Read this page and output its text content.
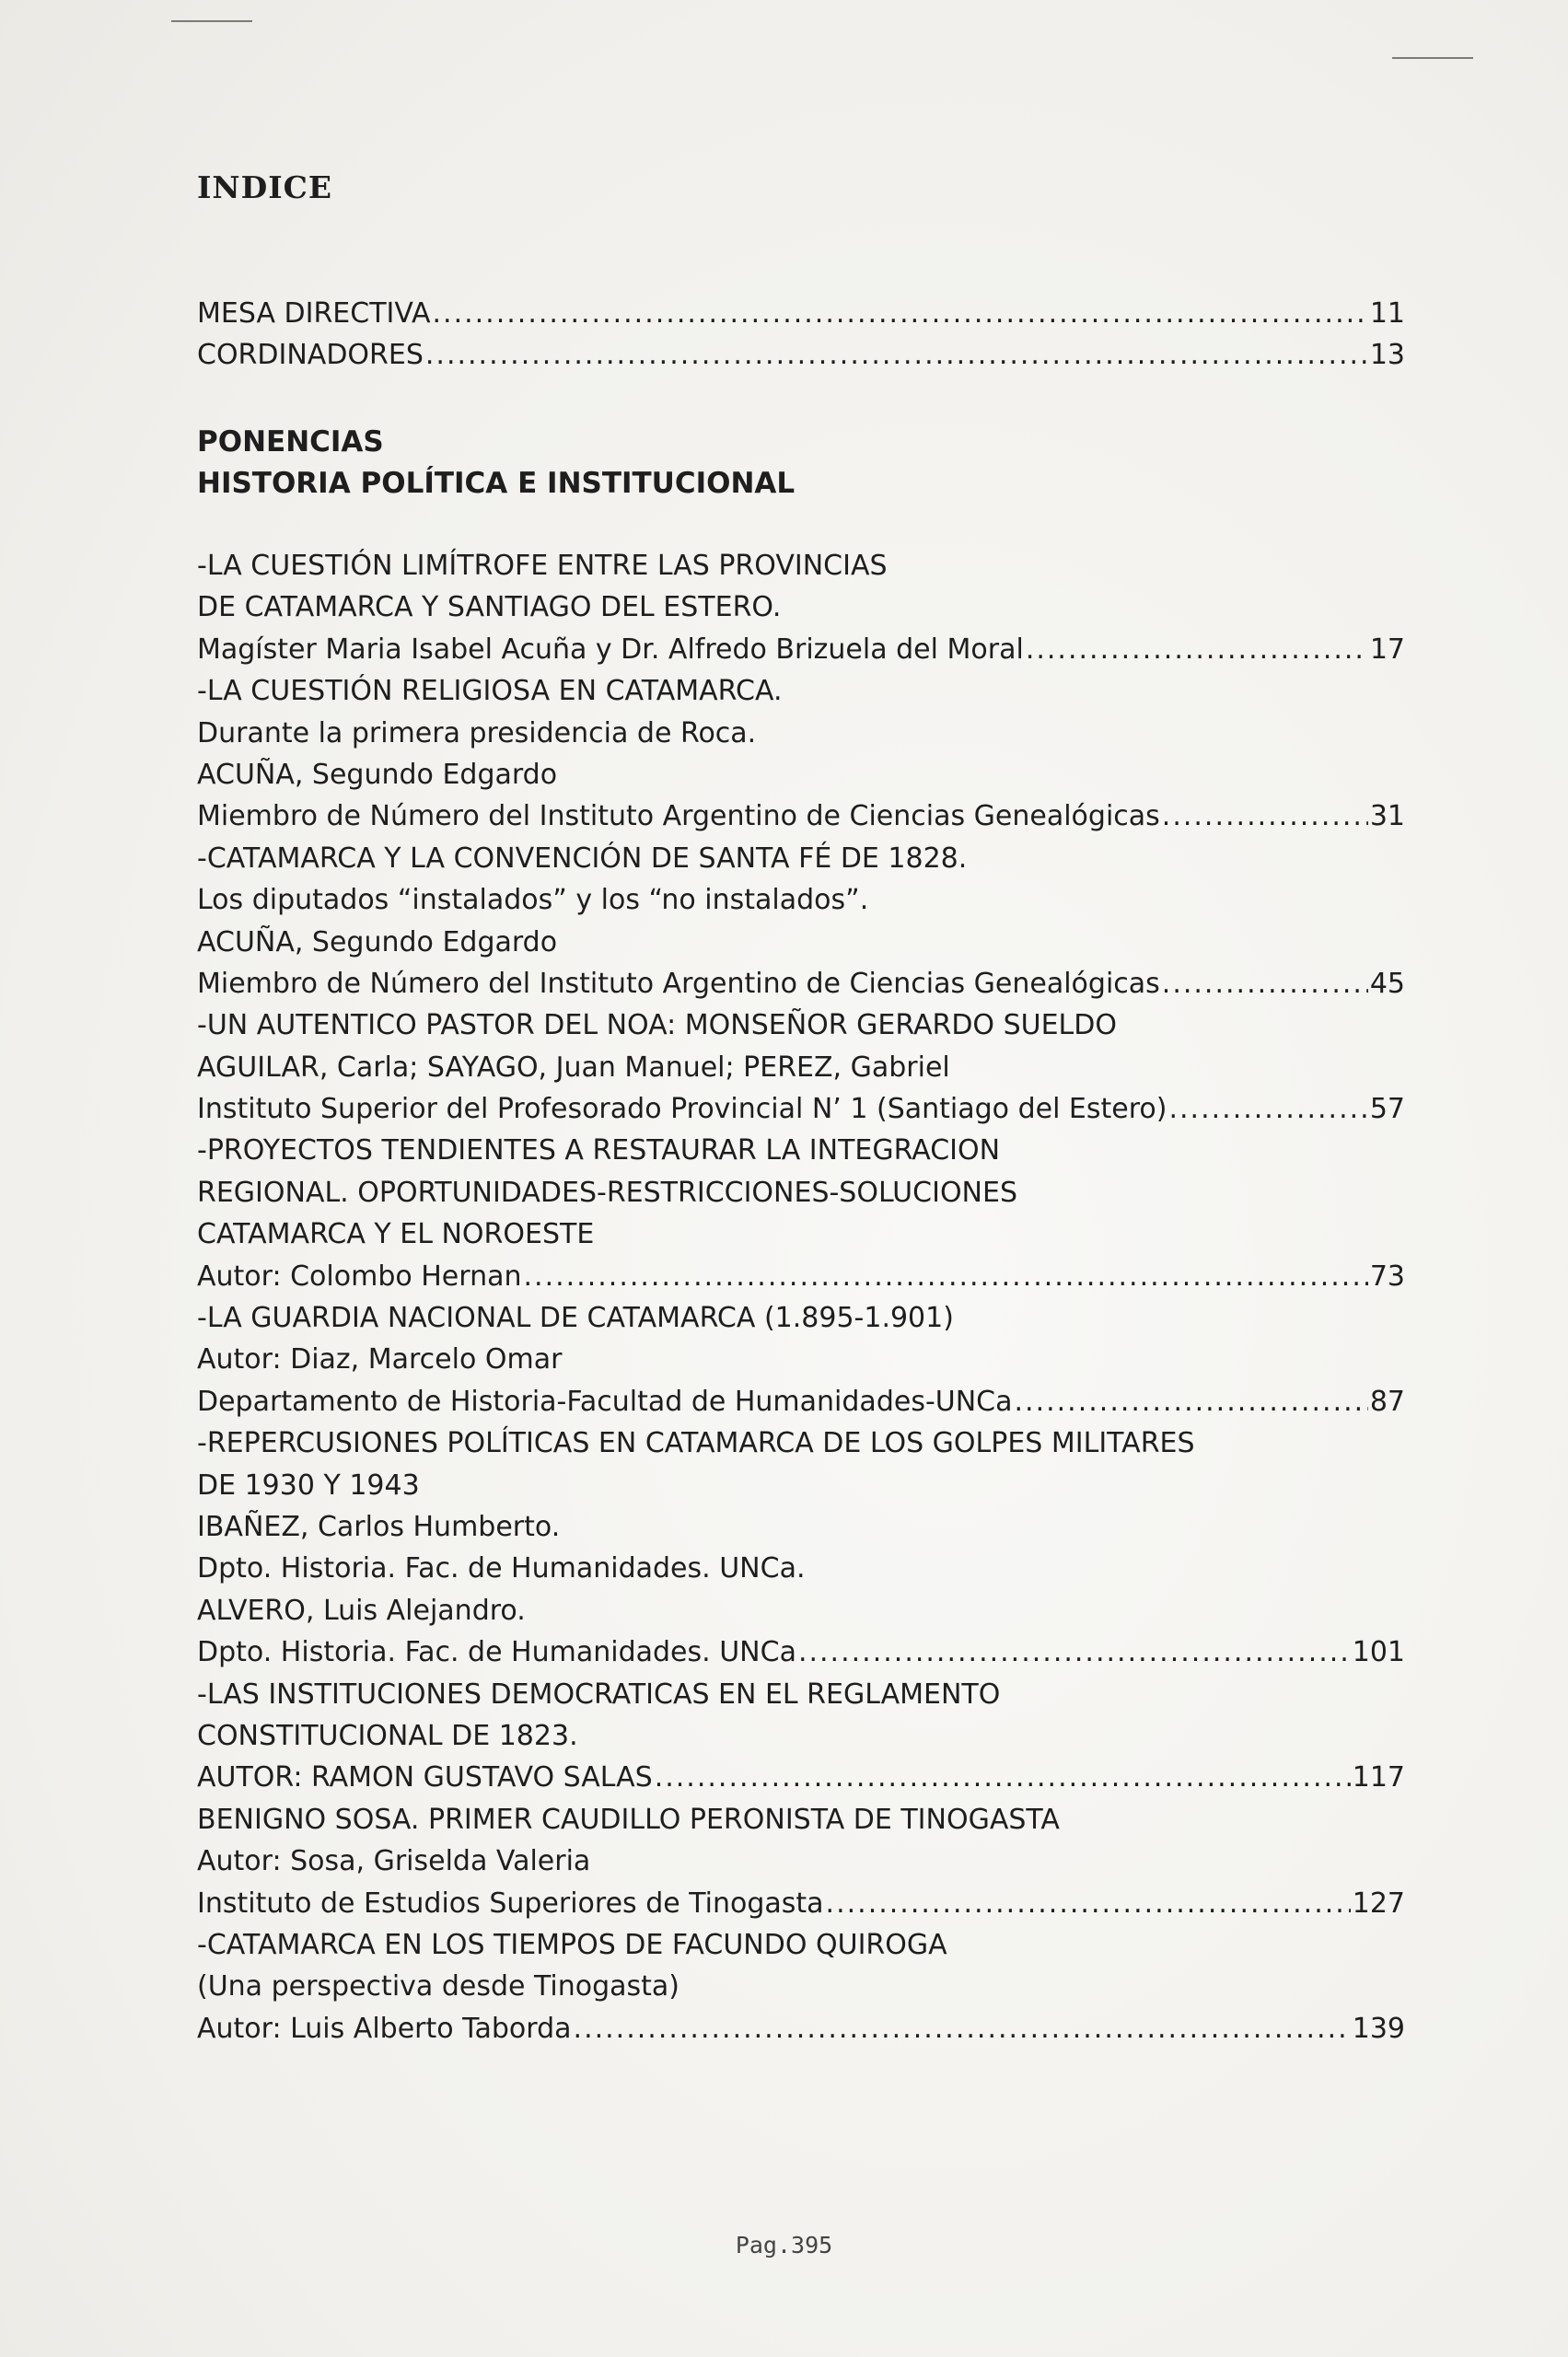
INDICE
MESA DIRECTIVA .....	11
CORDINADORES .....	13
PONENCIAS
HISTORIA POLÍTICA E INSTITUCIONAL
-LA CUESTIÓN LIMÍTROFE ENTRE LAS PROVINCIAS
DE CATAMARCA Y SANTIAGO DEL ESTERO.
Magíster Maria Isabel Acuña y Dr. Alfredo Brizuela del Moral .....	17
-LA CUESTIÓN RELIGIOSA EN CATAMARCA.
Durante la primera presidencia de Roca.
ACUÑA, Segundo Edgardo
Miembro de Número del Instituto Argentino de Ciencias Genealógicas .....	31
-CATAMARCA Y LA CONVENCIÓN DE SANTA FÉ DE 1828.
Los diputados “instalados” y los “no instalados”.
ACUÑA, Segundo Edgardo
Miembro de Número del Instituto Argentino de Ciencias Genealógicas .....	45
-UN AUTENTICO PASTOR DEL NOA: MONSEÑOR GERARDO SUELDO
AGUILAR, Carla; SAYAGO, Juan Manuel; PEREZ, Gabriel
Instituto Superior del Profesorado Provincial N’ 1 (Santiago del Estero) .....	57
-PROYECTOS TENDIENTES A RESTAURAR LA INTEGRACION
REGIONAL. OPORTUNIDADES-RESTRICCIONES-SOLUCIONES
CATAMARCA Y EL NOROESTE
Autor: Colombo Hernan .....	73
-LA GUARDIA NACIONAL DE CATAMARCA (1.895-1.901)
Autor: Diaz, Marcelo Omar
Departamento de Historia-Facultad de Humanidades-UNCa .....	87
-REPERCUSIONES POLÍTICAS EN CATAMARCA DE LOS GOLPES MILITARES
DE 1930 Y 1943
IBAÑEZ, Carlos Humberto.
Dpto. Historia. Fac. de Humanidades. UNCa.
ALVERO, Luis Alejandro.
Dpto. Historia. Fac. de Humanidades. UNCa .....	101
-LAS INSTITUCIONES DEMOCRATICAS EN EL REGLAMENTO
CONSTITUCIONAL DE 1823.
AUTOR: RAMON GUSTAVO SALAS .....	117
BENIGNO SOSA. PRIMER CAUDILLO PERONISTA DE TINOGASTA
Autor: Sosa, Griselda Valeria
Instituto de Estudios Superiores de Tinogasta .....	127
-CATAMARCA EN LOS TIEMPOS DE FACUNDO QUIROGA
(Una perspectiva desde Tinogasta)
Autor: Luis Alberto Taborda .....	139
Pag.395
